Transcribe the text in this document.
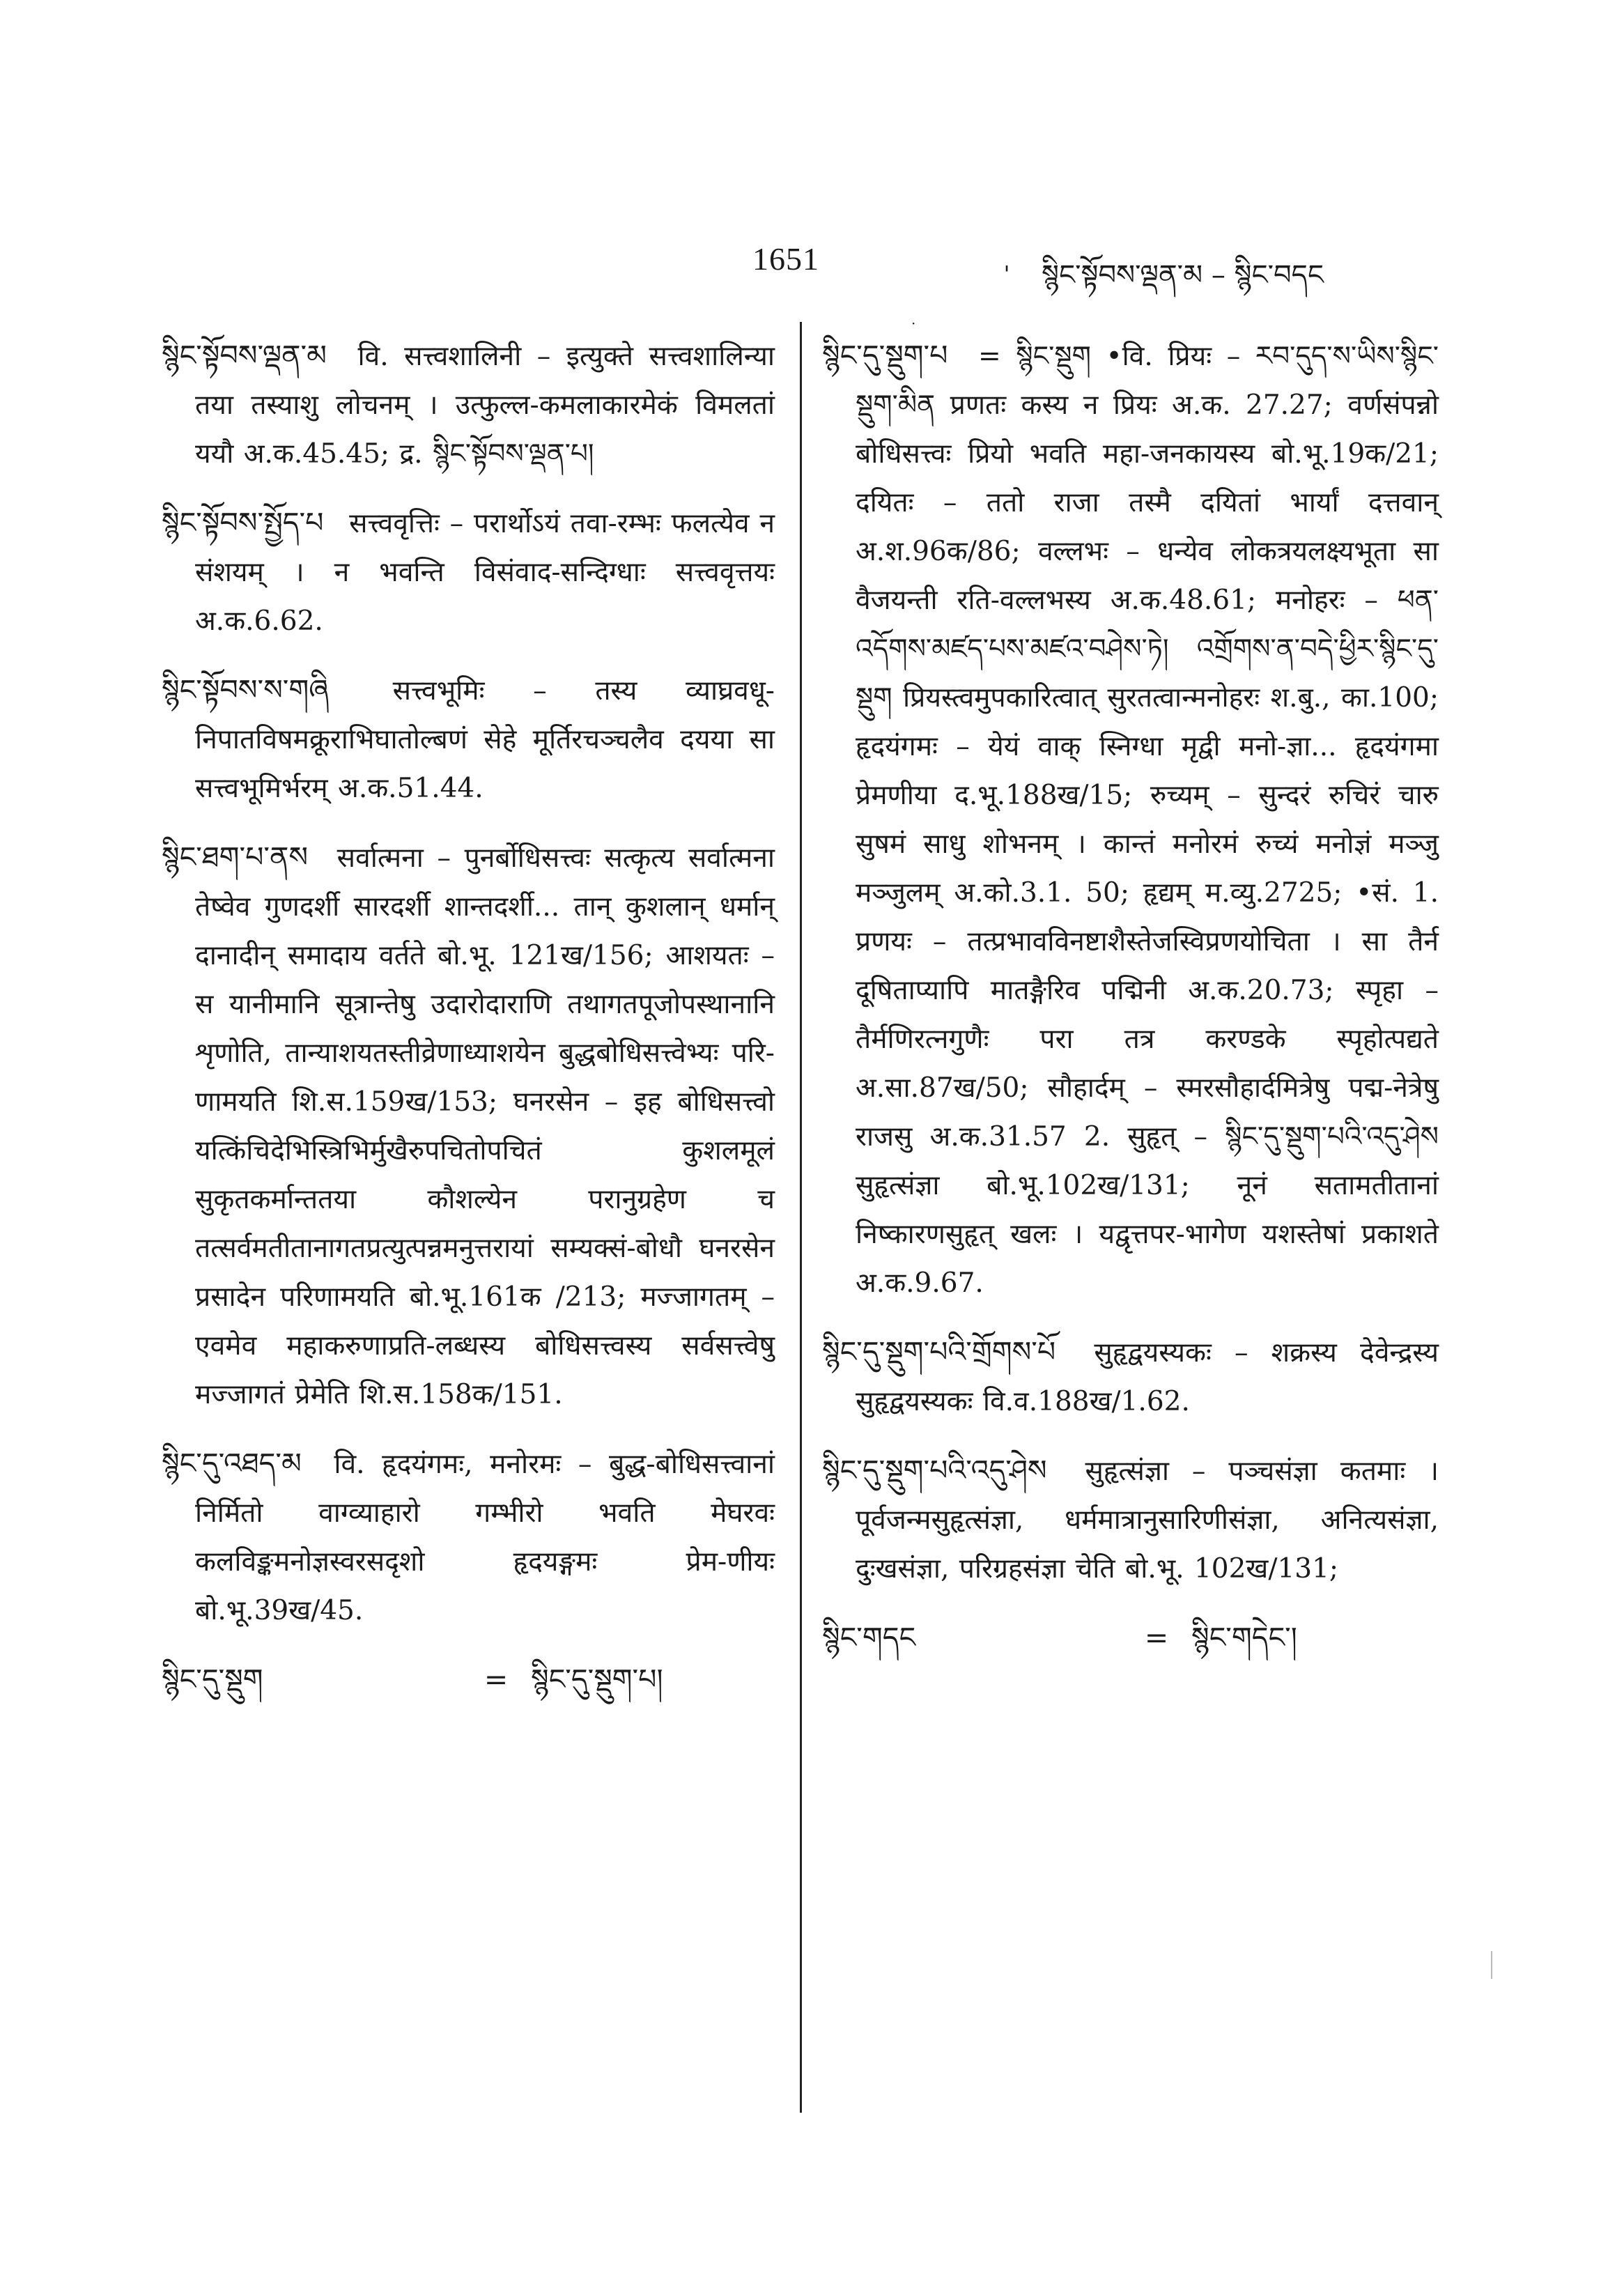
1651	ˌ སྙིང་སྟོབས་ལྡན་མ – སྙིང་བདང
·
སྙིང་སྟོབས་ལྡན་མ वि. सत्त्वशालिनी – इत्युक्ते सत्त्वशालिन्या तया तस्याशु लोचनम् । उत्फुल्ल-कमलाकारमेकं विमलतां ययौ अ.क.45.45; द्र. སྙིང་སྟོབས་ལྡན་པ།
སྙིང་སྟོབས་སྤྱོད་པ सत्त्ववृत्तिः – परार्थोऽयं तवा-रम्भः फलत्येव न संशयम् । न भवन्ति विसंवाद-सन्दिग्धाः सत्त्ववृत्तयः अ.क.6.62.
སྙིང་སྟོབས་ས་གཞི सत्त्वभूमिः – तस्य व्याघ्रवधू-निपातविषमक्रूराभिघातोल्बणं सेहे मूर्तिरचञ्चलैव दयया सा सत्त्वभूमिर्भरम् अ.क.51.44.
སྙིང་ཐག་པ་ནས सर्वात्मना – पुनर्बोधिसत्त्वः सत्कृत्य सर्वात्मना तेष्वेव गुणदर्शी सारदर्शी शान्तदर्शी... तान् कुशलान् धर्मान् दानादीन् समादाय वर्तते बो.भू. 121ख/156; आशयतः – स यानीमानि सूत्रान्तेषु उदारोदाराणि तथागतपूजोपस्थानानि शृणोति, तान्याशयतस्तीव्रेणाध्याशयेन बुद्धबोधिसत्त्वेभ्यः परि-णामयति शि.स.159ख/153; घनरसेन – इह बोधिसत्त्वो यत्किंचिदेभिस्त्रिभिर्मुखैरुपचितोपचितं कुशलमूलं सुकृतकर्मान्ततया कौशल्येन परानुग्रहेण च तत्सर्वमतीतानागतप्रत्युत्पन्नमनुत्तरायां सम्यक्सं-बोधौ घनरसेन प्रसादेन परिणामयति बो.भू.161क /213; मज्जागतम् – एवमेव महाकरुणाप्रति-लब्धस्य बोधिसत्त्वस्य सर्वसत्त्वेषु मज्जागतं प्रेमेति शि.स.158क/151.
སྙིང་དུ་འཐད་མ वि. हृदयंगमः, मनोरमः – बुद्ध-बोधिसत्त्वानां निर्मितो वाग्व्याहारो गम्भीरो भवति मेघरवः कलविङ्कमनोज्ञस्वरसदृशो हृदयङ्गमः प्रेम-णीयः बो.भू.39ख/45.
སྙིང་དུ་སྡུག	= སྙིང་དུ་སྡུག་པ།
སྙིང་དུ་སྡུག་པ = སྙིང་སྡུག •वि. प्रियः – རབ་དུད་ས་ཡིས་སྙིང་སྡུག་མིན प्रणतः कस्य न प्रियः अ.क. 27.27; वर्णसंपन्नो बोधिसत्त्वः प्रियो भवति महा-जनकायस्य बो.भू.19क/21; दयितः – ततो राजा तस्मै दयितां भार्यां दत्तवान् अ.श.96क/86; वल्लभः – धन्येव लोकत्रयलक्ष्यभूता सा वैजयन्ती रति-वल्लभस्य अ.क.48.61; मनोहरः – ཕན་འདོགས་མཛད་པས་མཛའ་བཤེས་ཏེ། འགྲོགས་ན་བདེ་ཕྱིར་སྙིང་དུ་སྡུག प्रियस्त्वमुपकारित्वात् सुरतत्वान्मनोहरः श.बु., का.100; हृदयंगमः – येयं वाक् स्निग्धा मृद्वी मनो-ज्ञा... हृदयंगमा प्रेमणीया द.भू.188ख/15; रुच्यम् – सुन्दरं रुचिरं चारु सुषमं साधु शोभनम् । कान्तं मनोरमं रुच्यं मनोज्ञं मञ्जु मञ्जुलम् अ.को.3.1. 50; हृद्यम् म.व्यु.2725; •सं. 1. प्रणयः – तत्प्रभावविनष्टाशैस्तेजस्विप्रणयोचिता । सा तैर्न दूषिताप्यापि मातङ्गैरिव पद्मिनी अ.क.20.73; स्पृहा – तैर्मणिरत्नगुणैः परा तत्र करण्डके स्पृहोत्पद्यते अ.सा.87ख/50; सौहार्दम् – स्मरसौहार्दमित्रेषु पद्म-नेत्रेषु राजसु अ.क.31.57 2. सुहृत् – སྙིང་དུ་སྡུག་པའི་འདུ་ཤེས सुहृत्संज्ञा बो.भू.102ख/131; नूनं सतामतीतानां निष्कारणसुहृत् खलः । यद्वृत्तपर-भागेण यशस्तेषां प्रकाशते अ.क.9.67.
སྙིང་དུ་སྡུག་པའི་གྲོགས་པོ सुहृद्वयस्यकः – शक्रस्य देवेन्द्रस्य सुहृद्वयस्यकः वि.व.188ख/1.62.
སྙིང་དུ་སྡུག་པའི་འདུ་ཤེས सुहृत्संज्ञा – पञ्चसंज्ञा कतमाः । पूर्वजन्मसुहृत्संज्ञा, धर्ममात्रानुसारिणीसंज्ञा, अनित्यसंज्ञा, दुःखसंज्ञा, परिग्रहसंज्ञा चेति बो.भू. 102ख/131;
སྙིང་གདང	= སྙིང་གདེང་།
